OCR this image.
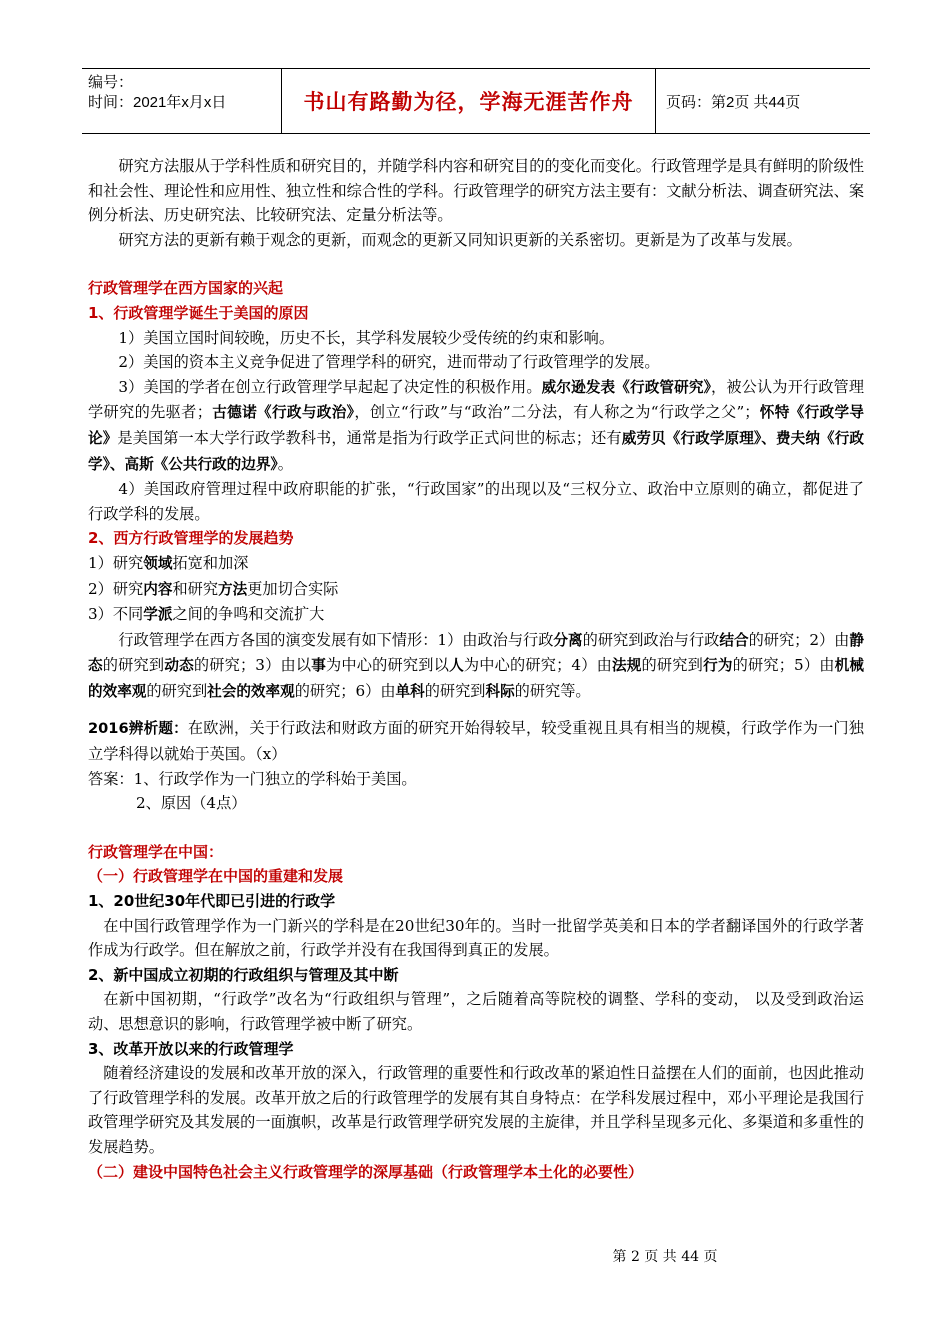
编号：
时间：2021年x月x日	书山有路勤为径，学海无涯苦作舟	页码：第2页 共44页

研究方法服从于学科性质和研究目的，并随学科内容和研究目的的变化而变化。行政管理学是具有鲜明的阶级性和社会性、理论性和应用性、独立性和综合性的学科。行政管理学的研究方法主要有：文献分析法、调查研究法、案例分析法、历史研究法、比较研究法、定量分析法等。

研究方法的更新有赖于观念的更新，而观念的更新又同知识更新的关系密切。更新是为了改革与发展。

行政管理学在西方国家的兴起

1、行政管理学诞生于美国的原因

1）美国立国时间较晚，历史不长，其学科发展较少受传统的约束和影响。

2）美国的资本主义竞争促进了管理学科的研究，进而带动了行政管理学的发展。

3）美国的学者在创立行政管理学早起起了决定性的积极作用。威尔逊发表《行政管研究》，被公认为开行政管理学研究的先驱者；古德诺《行政与政治》，创立“行政”与“政治”二分法，有人称之为“行政学之父”；怀特《行政学导论》是美国第一本大学行政学教科书，通常是指为行政学正式问世的标志；还有威劳贝《行政学原理》、费夫纳《行政学》、高斯《公共行政的边界》。

4）美国政府管理过程中政府职能的扩张，“行政国家”的出现以及“三权分立、政治中立原则的确立，都促进了行政学科的发展。

2、西方行政管理学的发展趋势

1）研究领域拓宽和加深

2）研究内容和研究方法更加切合实际

3）不同学派之间的争鸣和交流扩大

行政管理学在西方各国的演变发展有如下情形：1）由政治与行政分离的研究到政治与行政结合的研究；2）由静态的研究到动态的研究；3）由以事为中心的研究到以人为中心的研究；4）由法规的研究到行为的研究；5）由机械的效率观的研究到社会的效率观的研究；6）由单科的研究到科际的研究等。

2016辨析题：在欧洲，关于行政法和财政方面的研究开始得较早，较受重视且具有相当的规模，行政学作为一门独立学科得以就始于英国。（x）

答案：1、行政学作为一门独立的学科始于美国。

2、原因（4点）

行政管理学在中国：

（一）行政管理学在中国的重建和发展

1、20世纪30年代即已引进的行政学

在中国行政管理学作为一门新兴的学科是在20世纪30年的。当时一批留学英美和日本的学者翻译国外的行政学著作成为行政学。但在解放之前，行政学并没有在我国得到真正的发展。

2、新中国成立初期的行政组织与管理及其中断

在新中国初期，“行政学”改名为“行政组织与管理”，之后随着高等院校的调整、学科的变动， 以及受到政治运动、思想意识的影响，行政管理学被中断了研究。

3、改革开放以来的行政管理学

随着经济建设的发展和改革开放的深入，行政管理的重要性和行政改革的紧迫性日益摆在人们的面前，也因此推动了行政管理学科的发展。改革开放之后的行政管理学的发展有其自身特点：在学科发展过程中，邓小平理论是我国行政管理学研究及其发展的一面旗帜，改革是行政管理学研究发展的主旋律，并且学科呈现多元化、多渠道和多重性的发展趋势。

（二）建设中国特色社会主义行政管理学的深厚基础（行政管理学本土化的必要性）

第 2 页 共 44 页
